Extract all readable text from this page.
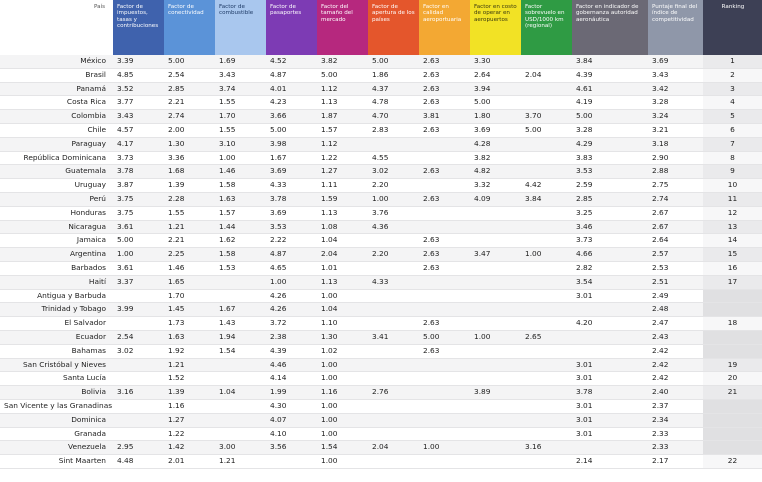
País	Factor de impuestos, tasas y contribuciones	Factor de conectividad	Factor de combustible	Factor de pasaportes	Factor del tamaño del mercado	Factor de apertura de los países	Factor en calidad aeroportuaria	Factor en costo de operar en aeropuertos	Factor sobrevuelo en USD/1000 km (regional)	Factor en indicador de gobernanza autoridad aeronáutica	Puntaje final del índice de competitividad	Ranking
México	3.39	5.00	1.69	4.52	3.82	5.00	2.63	3.30		3.84	3.69	1
Brasil	4.85	2.54	3.43	4.87	5.00	1.86	2.63	2.64	2.04	4.39	3.43	2
Panamá	3.52	2.85	3.74	4.01	1.12	4.37	2.63	3.94		4.61	3.42	3
Costa Rica	3.77	2.21	1.55	4.23	1.13	4.78	2.63	5.00		4.19	3.28	4
Colombia	3.43	2.74	1.70	3.66	1.87	4.70	3.81	1.80	3.70	5.00	3.24	5
Chile	4.57	2.00	1.55	5.00	1.57	2.83	2.63	3.69	5.00	3.28	3.21	6
Paraguay	4.17	1.30	3.10	3.98	1.12			4.28		4.29	3.18	7
República Dominicana	3.73	3.36	1.00	1.67	1.22	4.55		3.82		3.83	2.90	8
Guatemala	3.78	1.68	1.46	3.69	1.27	3.02	2.63	4.82		3.53	2.88	9
Uruguay	3.87	1.39	1.58	4.33	1.11	2.20		3.32	4.42	2.59	2.75	10
Perú	3.75	2.28	1.63	3.78	1.59	1.00	2.63	4.09	3.84	2.85	2.74	11
Honduras	3.75	1.55	1.57	3.69	1.13	3.76				3.25	2.67	12
Nicaragua	3.61	1.21	1.44	3.53	1.08	4.36				3.46	2.67	13
Jamaica	5.00	2.21	1.62	2.22	1.04		2.63			3.73	2.64	14
Argentina	1.00	2.25	1.58	4.87	2.04	2.20	2.63	3.47	1.00	4.66	2.57	15
Barbados	3.61	1.46	1.53	4.65	1.01		2.63			2.82	2.53	16
Haití	3.37	1.65		1.00	1.13	4.33				3.54	2.51	17
Antigua y Barbuda		1.70		4.26	1.00					3.01	2.49	
Trinidad y Tobago	3.99	1.45	1.67	4.26	1.04						2.48	
El Salvador		1.73	1.43	3.72	1.10		2.63			4.20	2.47	18
Ecuador	2.54	1.63	1.94	2.38	1.30	3.41	5.00	1.00	2.65		2.43	
Bahamas	3.02	1.92	1.54	4.39	1.02		2.63				2.42	
San Cristóbal y Nieves		1.21		4.46	1.00					3.01	2.42	19
Santa Lucía		1.52		4.14	1.00					3.01	2.42	20
Bolivia	3.16	1.39	1.04	1.99	1.16	2.76		3.89		3.78	2.40	21
San Vicente y las Granadinas		1.16		4.30	1.00					3.01	2.37	
Dominica		1.27		4.07	1.00					3.01	2.34	
Granada		1.22		4.10	1.00					3.01	2.33	
Venezuela	2.95	1.42	3.00	3.56	1.54	2.04	1.00		3.16		2.33	
Sint Maarten	4.48	2.01	1.21		1.00					2.14	2.17	22
